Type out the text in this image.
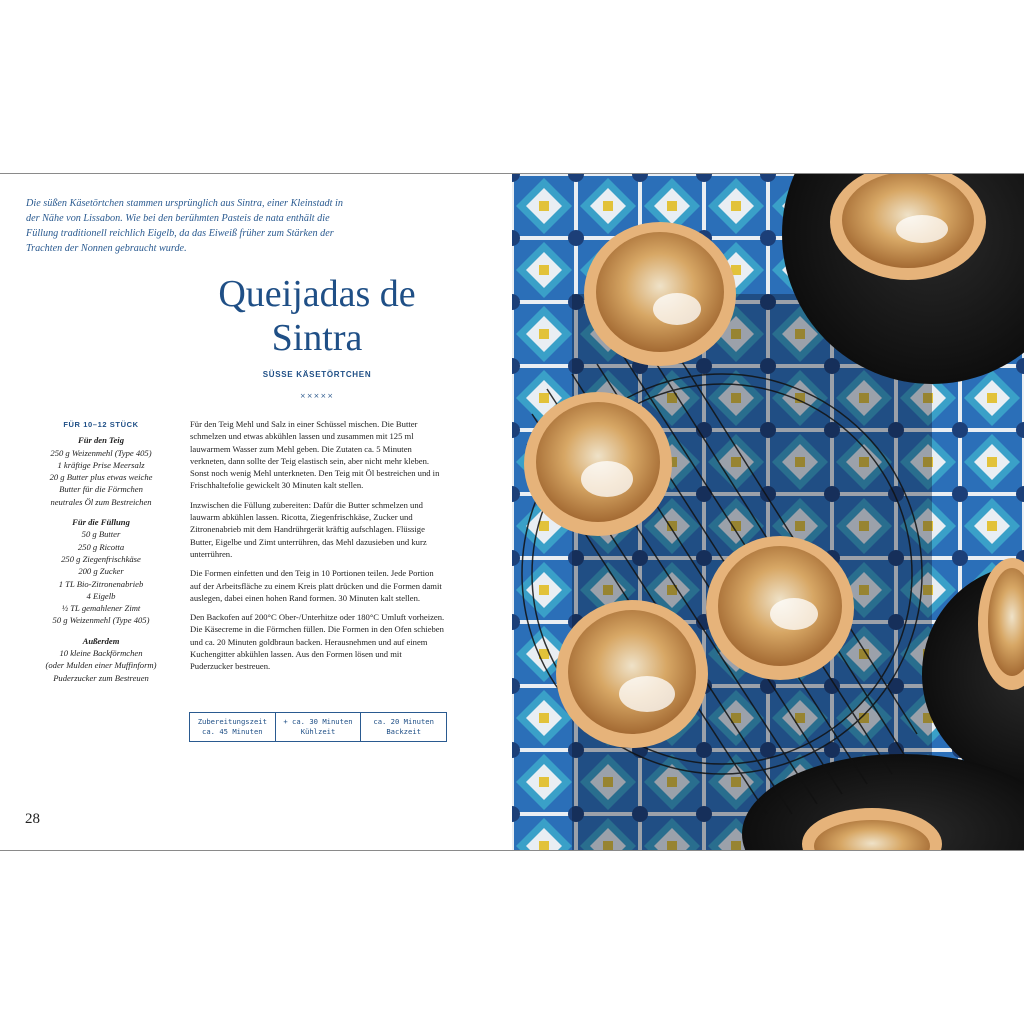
Die süßen Käsetörtchen stammen ursprünglich aus Sintra, einer Kleinstadt in der Nähe von Lissabon. Wie bei den berühmten Pasteis de nata enthält die Füllung traditionell reichlich Eigelb, da das Eiweiß früher zum Stärken der Trachten der Nonnen gebraucht wurde.
Queijadas de
Sintra
SÜSSE KÄSETÖRTCHEN
×××××
FÜR 10–12 STÜCK
Für den Teig
250 g Weizenmehl (Type 405)
1 kräftige Prise Meersalz
20 g Butter plus etwas weiche
Butter für die Förmchen
neutrales Öl zum Bestreichen
Für die Füllung
50 g Butter
250 g Ricotta
250 g Ziegenfrischkäse
200 g Zucker
1 TL Bio-Zitronenabrieb
4 Eigelb
½ TL gemahlener Zimt
50 g Weizenmehl (Type 405)
Außerdem
10 kleine Backförmchen
(oder Mulden einer Muffinform)
Puderzucker zum Bestreuen

Für den Teig Mehl und Salz in einer Schüssel mischen. Die Butter schmelzen und etwas abkühlen lassen und zusammen mit 125 ml lauwarmem Wasser zum Mehl geben. Die Zutaten ca. 5 Minuten verkneten, dann sollte der Teig elastisch sein, aber nicht mehr kleben. Sonst noch wenig Mehl unterkneten. Den Teig mit Öl bestreichen und in Frischhaltefolie gewickelt 30 Minuten kalt stellen.

Inzwischen die Füllung zubereiten: Dafür die Butter schmelzen und lauwarm abkühlen lassen. Ricotta, Ziegenfrischkäse, Zucker und Zitronenabrieb mit dem Handrührgerät kräftig aufschlagen. Flüssige Butter, Eigelbe und Zimt unterrühren, das Mehl dazusieben und kurz unterrühren.

Die Formen einfetten und den Teig in 10 Portionen teilen. Jede Portion auf der Arbeitsfläche zu einem Kreis platt drücken und die Formen damit auslegen, dabei einen hohen Rand formen. 30 Minuten kalt stellen.

Den Backofen auf 200°C Ober-/Unterhitze oder 180°C Umluft vorheizen. Die Käsecreme in die Förmchen füllen. Die Formen in den Ofen schieben und ca. 20 Minuten goldbraun backen. Herausnehmen und auf einem Kuchengitter abkühlen lassen. Aus den Formen lösen und mit Puderzucker bestreuen.

Zubereitungszeit
ca. 45 Minuten
+ ca. 30 Minuten
Kühlzeit
ca. 20 Minuten
Backzeit
28
